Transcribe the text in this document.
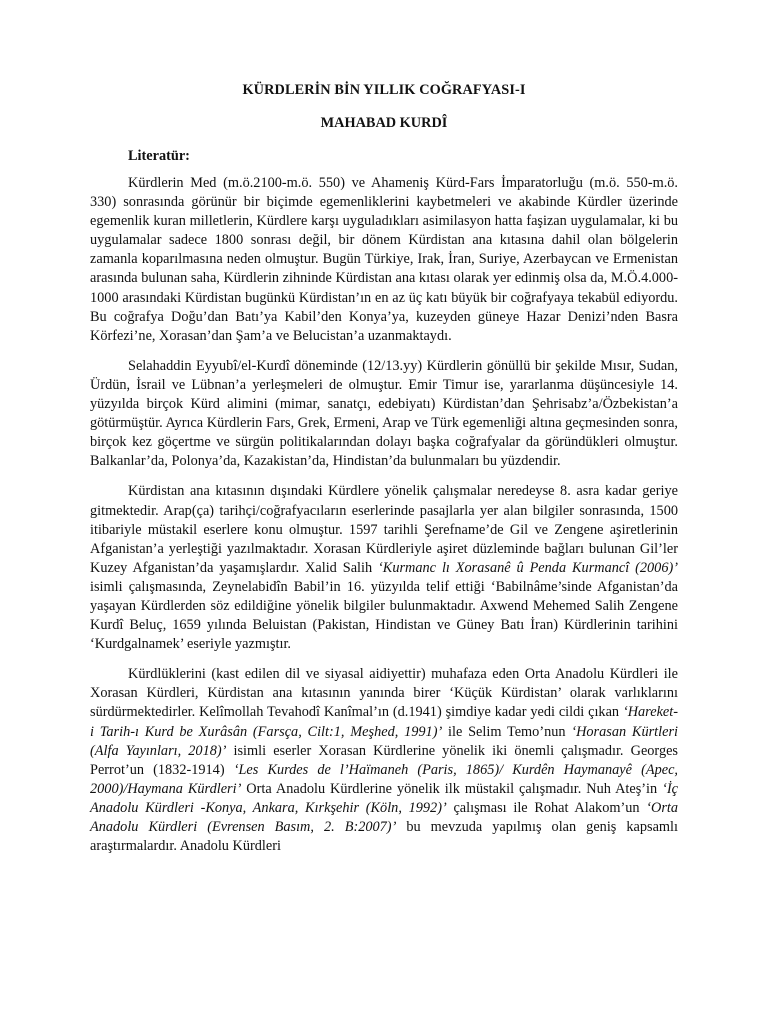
KÜRDLERİN BİN YILLIK COĞRAFYASI-I
MAHABAD KURDÎ
Literatür:

Kürdlerin Med (m.ö.2100-m.ö. 550) ve Ahameniş Kürd-Fars İmparatorluğu (m.ö. 550-m.ö. 330) sonrasında görünür bir biçimde egemenliklerini kaybetmeleri ve akabinde Kürdler üzerinde egemenlik kuran milletlerin, Kürdlere karşı uyguladıkları asimilasyon hatta faşizan uygulamalar, ki bu uygulamalar sadece 1800 sonrası değil, bir dönem Kürdistan ana kıtasına dahil olan bölgelerin zamanla koparılmasına neden olmuştur. Bugün Türkiye, Irak, İran, Suriye, Azerbaycan ve Ermenistan arasında bulunan saha, Kürdlerin zihninde Kürdistan ana kıtası olarak yer edinmiş olsa da, M.Ö.4.000-1000 arasındaki Kürdistan bugünkü Kürdistan’ın en az üç katı büyük bir coğrafyaya tekabül ediyordu. Bu coğrafya Doğu’dan Batı’ya Kabil’den Konya’ya, kuzeyden güneye Hazar Denizi’nden Basra Körfezi’ne, Xorasan’dan Şam’a ve Belucistan’a uzanmaktaydı.

Selahaddin Eyyubî/el-Kurdî döneminde (12/13.yy) Kürdlerin gönüllü bir şekilde Mısır, Sudan, Ürdün, İsrail ve Lübnan’a yerleşmeleri de olmuştur. Emir Timur ise, yararlanma düşüncesiyle 14. yüzyılda birçok Kürd alimini (mimar, sanatçı, edebiyatı) Kürdistan’dan Şehrisabz’a/Özbekistan’a götürmüştür. Ayrıca Kürdlerin Fars, Grek, Ermeni, Arap ve Türk egemenliği altına geçmesinden sonra, birçok kez göçertme ve sürgün politikalarından dolayı başka coğrafyalar da göründükleri olmuştur. Balkanlar’da, Polonya’da, Kazakistan’da, Hindistan’da bulunmaları bu yüzdendir.

Kürdistan ana kıtasının dışındaki Kürdlere yönelik çalışmalar neredeyse 8. asra kadar geriye gitmektedir. Arap(ça) tarihçi/coğrafyacıların eserlerinde pasajlarla yer alan bilgiler sonrasında, 1500 itibariyle müstakil eserlere konu olmuştur. 1597 tarihli Şerefname’de Gil ve Zengene aşiretlerinin Afganistan’a yerleştiği yazılmaktadır. Xorasan Kürdleriyle aşiret düzleminde bağları bulunan Gil’ler Kuzey Afganistan’da yaşamışlardır. Xalid Salih ‘Kurmanc lı Xorasanê û Penda Kurmancî (2006)’ isimli çalışmasında, Zeynelabidîn Babil’in 16. yüzyılda telif ettiği ‘Babilnâme’sinde Afganistan’da yaşayan Kürdlerden söz edildiğine yönelik bilgiler bulunmaktadır. Axwend Mehemed Salih Zengene Kurdî Beluç, 1659 yılında Beluistan (Pakistan, Hindistan ve Güney Batı İran) Kürdlerinin tarihini ‘Kurdgalnamek’ eseriyle yazmıştır.

Kürdlüklerini (kast edilen dil ve siyasal aidiyettir) muhafaza eden Orta Anadolu Kürdleri ile Xorasan Kürdleri, Kürdistan ana kıtasının yanında birer ‘Küçük Kürdistan’ olarak varlıklarını sürdürmektedirler. Kelîmollah Tevahodî Kanîmal’ın (d.1941) şimdiye kadar yedi cildi çıkan ‘Hareket-i Tarih-ı Kurd be Xurâsân (Farsça, Cilt:1, Meşhed, 1991)’ ile Selim Temo’nun ‘Horasan Kürtleri (Alfa Yayınları, 2018)’ isimli eserler Xorasan Kürdlerine yönelik iki önemli çalışmadır. Georges Perrot’un (1832-1914) ‘Les Kurdes de l’Haïmaneh (Paris, 1865)/ Kurdên Haymanayê (Apec, 2000)/Haymana Kürdleri’ Orta Anadolu Kürdlerine yönelik ilk müstakil çalışmadır. Nuh Ateş’in ‘İç Anadolu Kürdleri -Konya, Ankara, Kırkşehir (Köln, 1992)’ çalışması ile Rohat Alakom’un ‘Orta Anadolu Kürdleri (Evrensen Basım, 2. B:2007)’ bu mevzuda yapılmış olan geniş kapsamlı araştırmalardır. Anadolu Kürdleri
